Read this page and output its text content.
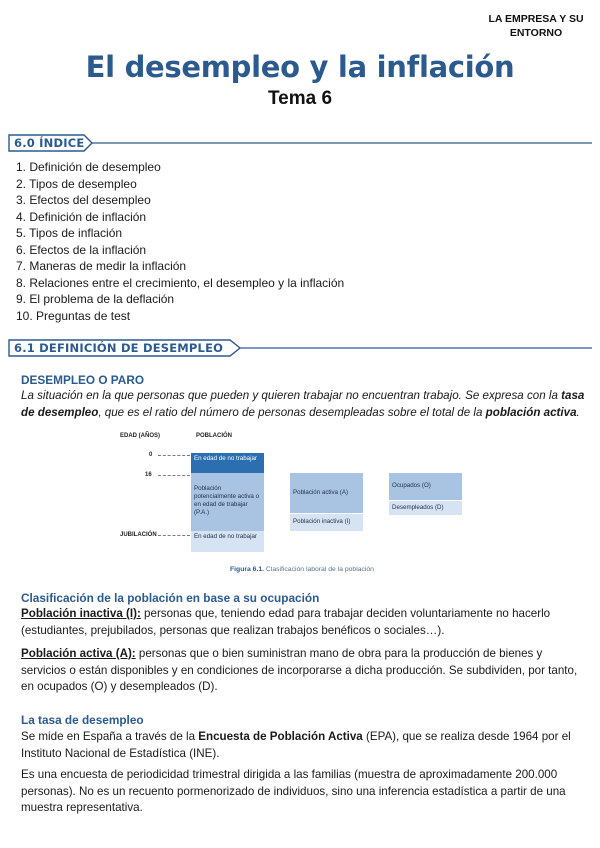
LA EMPRESA Y SU
ENTORNO
El desempleo y la inflación
Tema 6
6.0 ÍNDICE
1. Definición de desempleo
2. Tipos de desempleo
3. Efectos del desempleo
4. Definición de inflación
5. Tipos de inflación
6. Efectos de la inflación
7. Maneras de medir la inflación
8. Relaciones entre el crecimiento, el desempleo y la inflación
9. El problema de la deflación
10. Preguntas de test
6.1 DEFINICIÓN DE DESEMPLEO
DESEMPLEO O PARO
La situación en la que personas que pueden y quieren trabajar no encuentran trabajo. Se expresa con la tasa de desempleo, que es el ratio del número de personas desempleadas sobre el total de la población activa.
EDAD (AÑOS)	POBLACIÓN
0
16
JUBILACIÓN
En edad de no trabajar
Población potencialmente activa o en edad de trabajar (P.A.)
En edad de no trabajar
Población activa (A)
Población inactiva (I)
Ocupados (O)
Desempleados (D)
Figura 6.1. Clasificación laboral de la población
Clasificación de la población en base a su ocupación
Población inactiva (I): personas que, teniendo edad para trabajar deciden voluntariamente no hacerlo (estudiantes, prejubilados, personas que realizan trabajos benéficos o sociales…).
Población activa (A): personas que o bien suministran mano de obra para la producción de bienes y servicios o están disponibles y en condiciones de incorporarse a dicha producción. Se subdividen, por tanto, en ocupados (O) y desempleados (D).
La tasa de desempleo
Se mide en España a través de la Encuesta de Población Activa (EPA), que se realiza desde 1964 por el Instituto Nacional de Estadística (INE).
Es una encuesta de periodicidad trimestral dirigida a las familias (muestra de aproximadamente 200.000 personas). No es un recuento pormenorizado de individuos, sino una inferencia estadística a partir de una muestra representativa.
